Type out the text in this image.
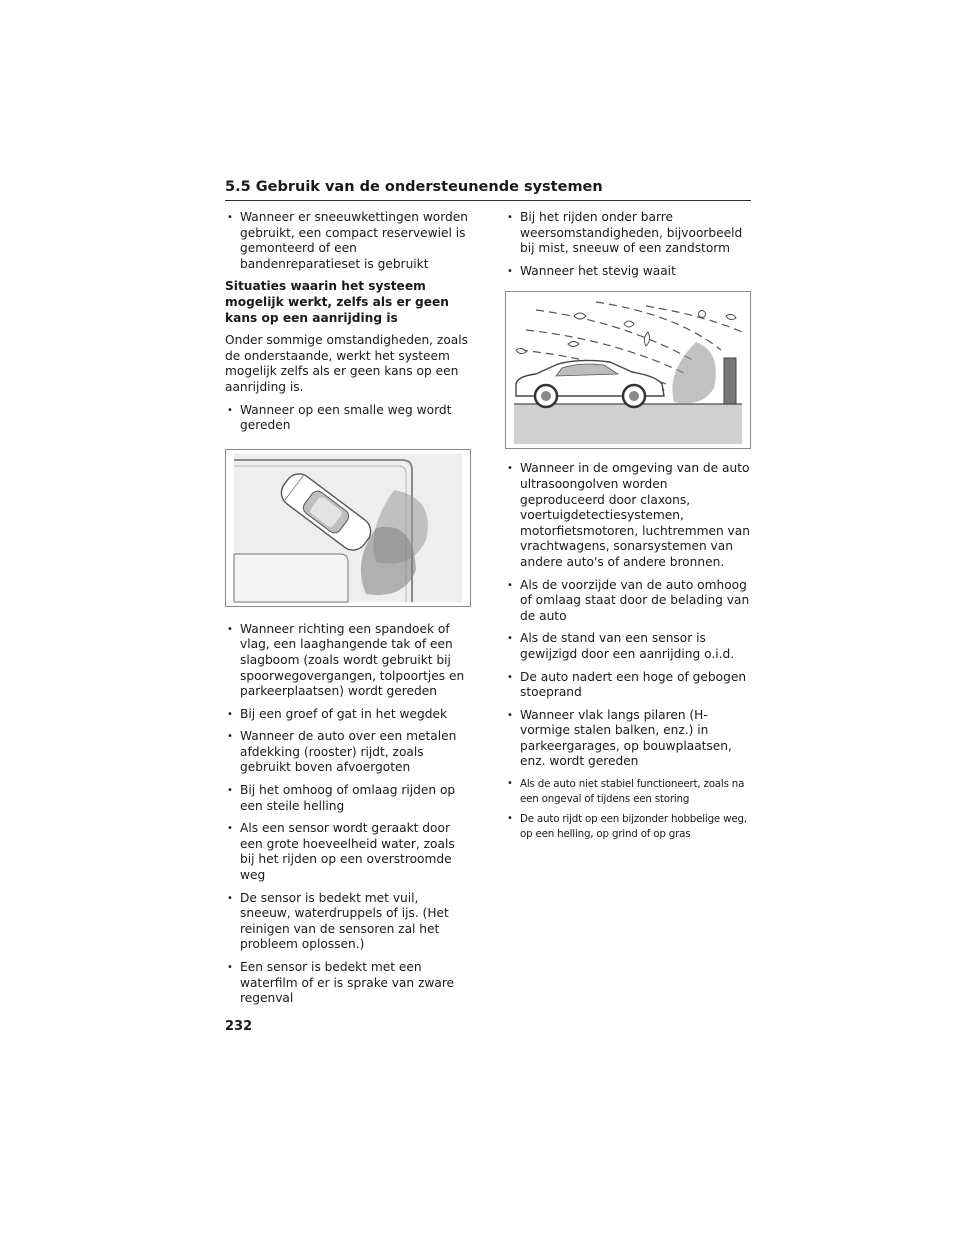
5.5 Gebruik van de ondersteunende systemen
• Wanneer er sneeuwkettingen worden gebruikt, een compact reservewiel is gemonteerd of een bandenreparatieset is gebruikt
Situaties waarin het systeem mogelijk werkt, zelfs als er geen kans op een aanrijding is

Onder sommige omstandigheden, zoals de onderstaande, werkt het systeem mogelijk zelfs als er geen kans op een aanrijding is.

• Wanneer op een smalle weg wordt gereden
• Wanneer richting een spandoek of vlag, een laaghangende tak of een slagboom (zoals wordt gebruikt bij spoorwegovergangen, tolpoortjes en parkeerplaatsen) wordt gereden
• Bij een groef of gat in het wegdek
• Wanneer de auto over een metalen afdekking (rooster) rijdt, zoals gebruikt boven afvoergoten
• Bij het omhoog of omlaag rijden op een steile helling
• Als een sensor wordt geraakt door een grote hoeveelheid water, zoals bij het rijden op een overstroomde weg
• De sensor is bedekt met vuil, sneeuw, waterdruppels of ijs. (Het reinigen van de sensoren zal het probleem oplossen.)
• Een sensor is bedekt met een waterfilm of er is sprake van zware regenval
• Bij het rijden onder barre weersomstandigheden, bijvoorbeeld bij mist, sneeuw of een zandstorm
• Wanneer het stevig waait
• Wanneer in de omgeving van de auto ultrasoongolven worden geproduceerd door claxons, voertuigdetectiesystemen, motorfietsmotoren, luchtremmen van vrachtwagens, sonarsystemen van andere auto's of andere bronnen.
• Als de voorzijde van de auto omhoog of omlaag staat door de belading van de auto
• Als de stand van een sensor is gewijzigd door een aanrijding o.i.d.
• De auto nadert een hoge of gebogen stoeprand
• Wanneer vlak langs pilaren (H-vormige stalen balken, enz.) in parkeergarages, op bouwplaatsen, enz. wordt gereden
• Als de auto niet stabiel functioneert, zoals na een ongeval of tijdens een storing
• De auto rijdt op een bijzonder hobbelige weg, op een helling, op grind of op gras
232
